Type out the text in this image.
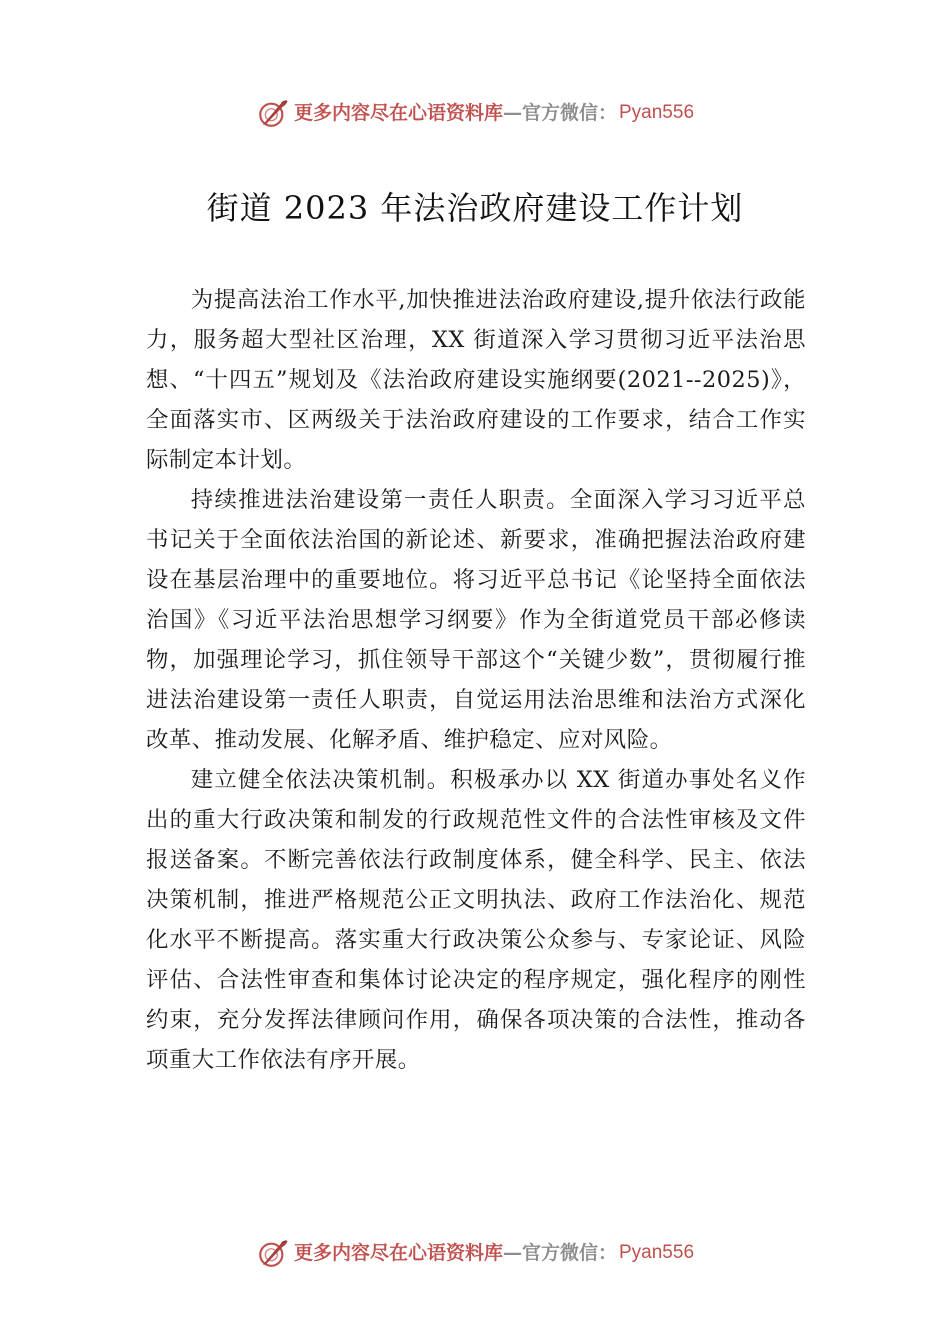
更多内容尽在心语资料库 —官方微信： Pyan556
街道 2023 年法治政府建设工作计划

为提高法治工作水平,加快推进法治政府建设,提升依法行政能力，服务超大型社区治理，XX 街道深入学习贯彻习近平法治思想、“十四五”规划及《法治政府建设实施纲要(2021--2025)》，全面落实市、区两级关于法治政府建设的工作要求，结合工作实际制定本计划。

持续推进法治建设第一责任人职责。全面深入学习习近平总书记关于全面依法治国的新论述、新要求，准确把握法治政府建设在基层治理中的重要地位。将习近平总书记《论坚持全面依法治国》《习近平法治思想学习纲要》作为全街道党员干部必修读物，加强理论学习，抓住领导干部这个“关键少数”，贯彻履行推进法治建设第一责任人职责，自觉运用法治思维和法治方式深化改革、推动发展、化解矛盾、维护稳定、应对风险。

建立健全依法决策机制。积极承办以 XX 街道办事处名义作出的重大行政决策和制发的行政规范性文件的合法性审核及文件报送备案。不断完善依法行政制度体系，健全科学、民主、依法决策机制，推进严格规范公正文明执法、政府工作法治化、规范化水平不断提高。落实重大行政决策公众参与、专家论证、风险评估、合法性审查和集体讨论决定的程序规定，强化程序的刚性约束，充分发挥法律顾问作用，确保各项决策的合法性，推动各项重大工作依法有序开展。

更多内容尽在心语资料库 —官方微信： Pyan556
